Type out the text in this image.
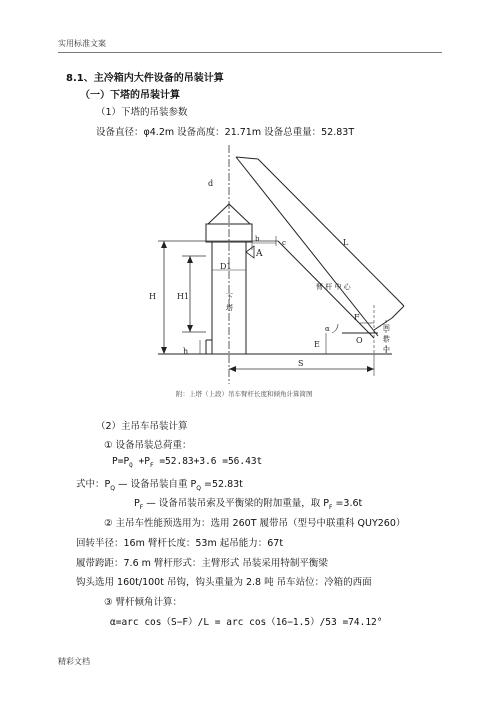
实用标准文案
8.1、主冷箱内大件设备的吊装计算
（一）下塔的吊装计算
（1）下塔的吊装参数
设备直径：φ4.2m 设备高度：21.71m 设备总重量：52.83T
d
b	c
A
D1
下
塔
L
臂 杆 中 心
H	H1
h
α
F
O
E
S
回
转
中
附：上塔（上段）吊车臂杆长度和倾角计算简图
（2）主吊车吊装计算
① 设备吊装总荷重：
$P=P_Q +P_F =52.83+3.6 =56.43t$
式中：$P_Q$ — 设备吊装自重 $P_Q =52.83t$
$P_F$ — 设备吊装吊索及平衡梁的附加重量，取 $P_F =3.6t$
② 主吊车性能预选用为：选用 260T 履带吊（型号中联重科 QUY260）
回转半径：16m 臂杆长度：53m 起吊能力：67t
履带跨距：7.6 m 臂杆形式：主臂形式 吊装采用特制平衡梁
钩头选用 160t/100t 吊钩，钩头重量为 2.8 吨 吊车站位：冷箱的西面
③ 臂杆倾角计算：
α=arc cos（S−F）/L = arc cos（16−1.5）/53 =74.12°
精彩文档
